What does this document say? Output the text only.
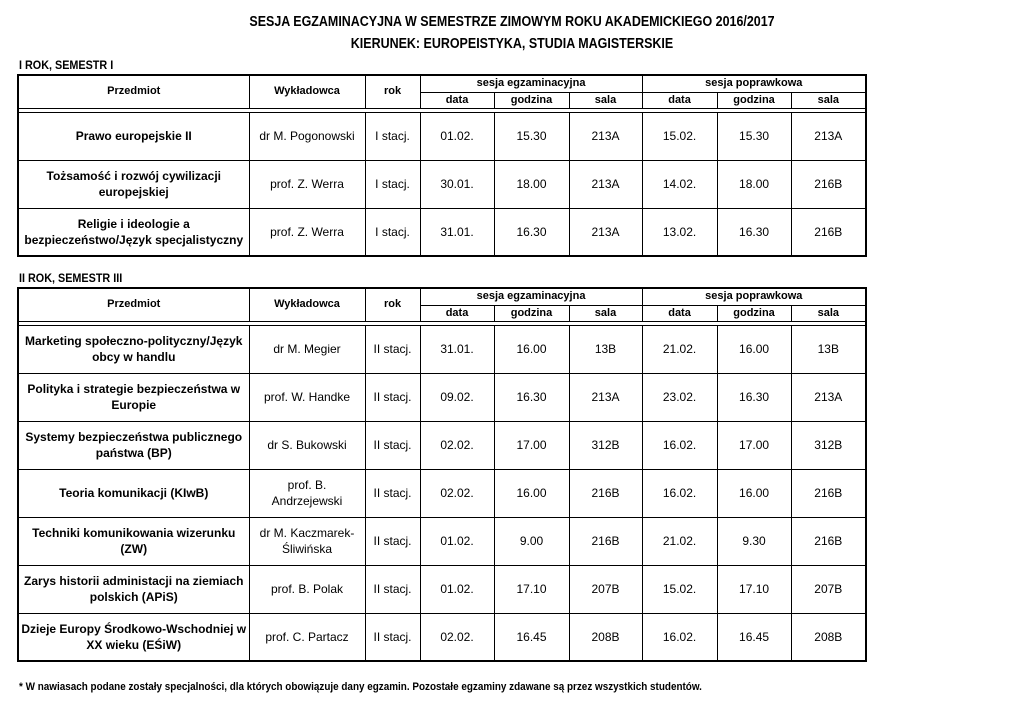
SESJA EGZAMINACYJNA W SEMESTRZE ZIMOWYM ROKU AKADEMICKIEGO 2016/2017
KIERUNEK: EUROPEISTYKA, STUDIA MAGISTERSKIE
I ROK, SEMESTR I
Przedmiot	Wykładowca	rok	sesja egzaminacyjna			sesja poprawkowa		
			data	godzina	sala	data	godzina	sala

Prawo europejskie II	dr M. Pogonowski	I stacj.	01.02.	15.30	213A	15.02.	15.30	213A
Tożsamość i rozwój cywilizacji europejskiej	prof. Z. Werra	I stacj.	30.01.	18.00	213A	14.02.	18.00	216B
Religie i ideologie a bezpieczeństwo/Język specjalistyczny	prof. Z. Werra	I stacj.	31.01.	16.30	213A	13.02.	16.30	216B
II ROK, SEMESTR III
Przedmiot	Wykładowca	rok	sesja egzaminacyjna			sesja poprawkowa		
			data	godzina	sala	data	godzina	sala

Marketing społeczno-polityczny/Język obcy w handlu	dr M. Megier	II stacj.	31.01.	16.00	13B	21.02.	16.00	13B
Polityka i strategie bezpieczeństwa w Europie	prof. W. Handke	II stacj.	09.02.	16.30	213A	23.02.	16.30	213A
Systemy bezpieczeństwa publicznego państwa (BP)	dr S. Bukowski	II stacj.	02.02.	17.00	312B	16.02.	17.00	312B
Teoria komunikacji (KIwB)	prof. B. Andrzejewski	II stacj.	02.02.	16.00	216B	16.02.	16.00	216B
Techniki komunikowania wizerunku (ZW)	dr M. Kaczmarek-Śliwińska	II stacj.	01.02.	9.00	216B	21.02.	9.30	216B
Zarys historii administacji na ziemiach polskich (APiS)	prof. B. Polak	II stacj.	01.02.	17.10	207B	15.02.	17.10	207B
Dzieje Europy Środkowo-Wschodniej w XX wieku (EŚiW)	prof. C. Partacz	II stacj.	02.02.	16.45	208B	16.02.	16.45	208B
* W nawiasach podane zostały specjalności, dla których obowiązuje dany egzamin. Pozostałe egzaminy zdawane są przez wszystkich studentów.
